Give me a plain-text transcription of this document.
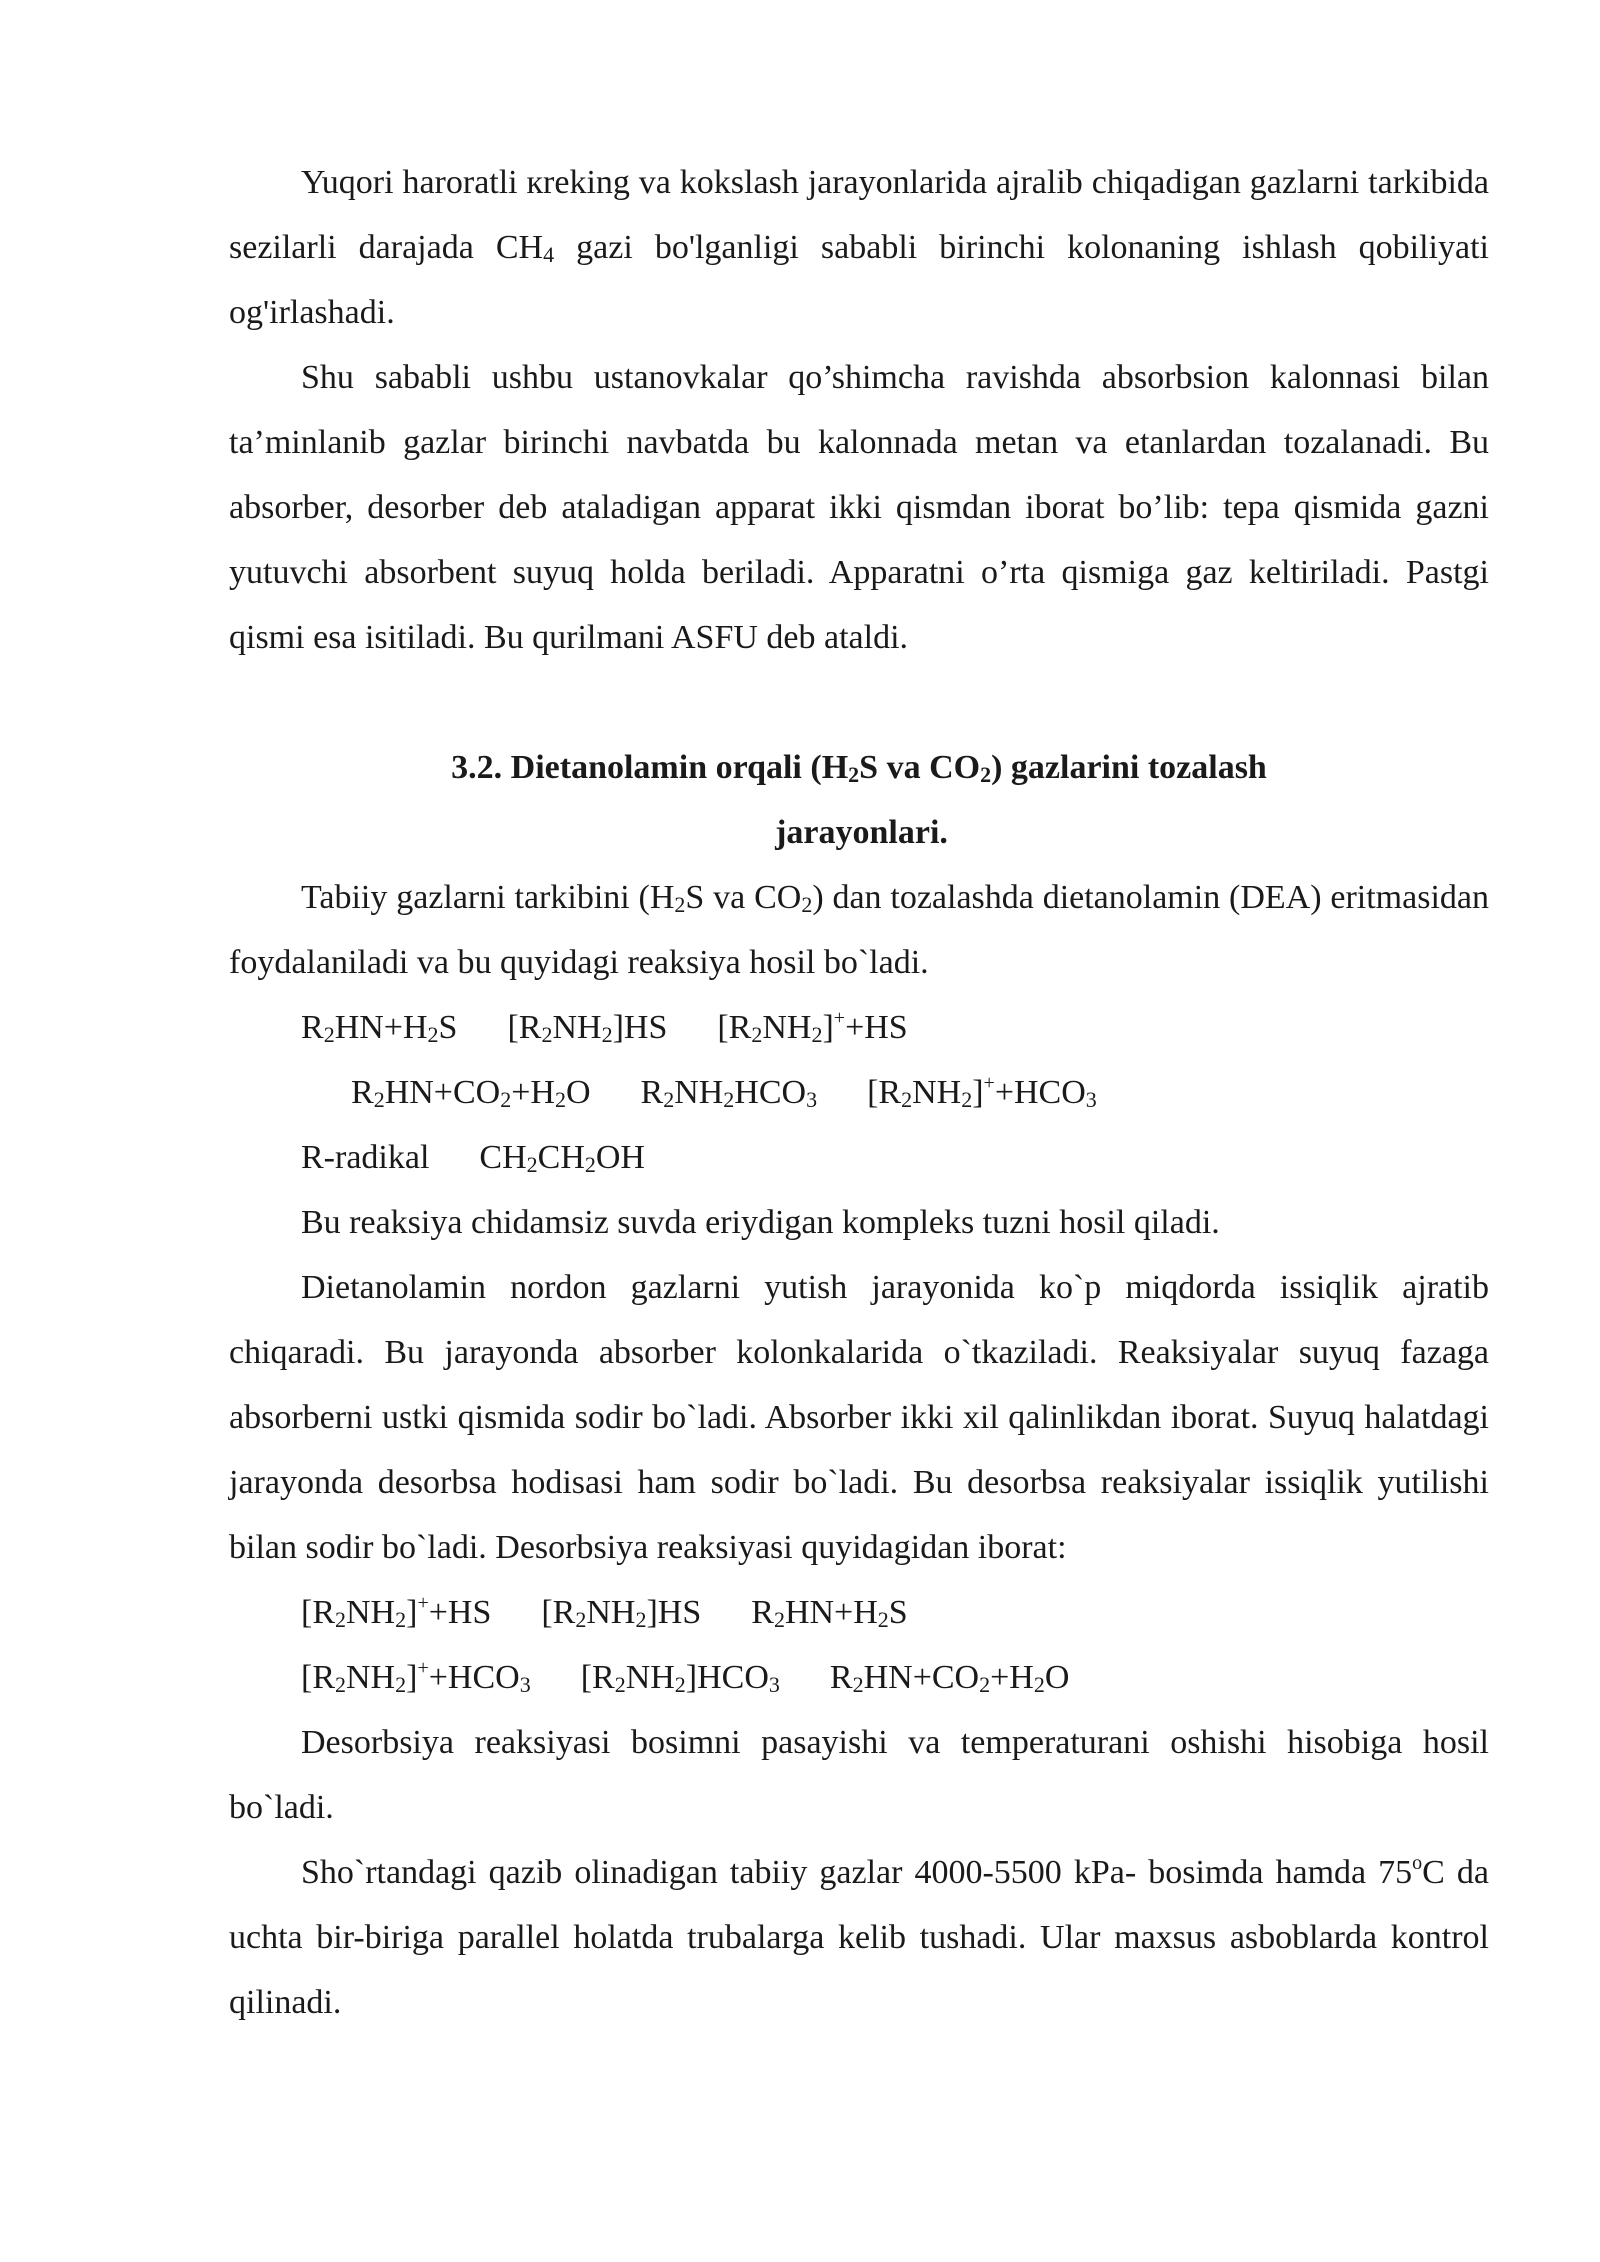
Yuqori haroratli кreking va kokslash jarayonlarida ajralib chiqadigan gazlarni tarkibida sezilarli darajada $CH_4$ gazi bo'lganligi sababli birinchi kolonaning ishlash qobiliyati og'irlashadi.

Shu sababli ushbu ustanovkalar qo’shimcha ravishda absorbsion kalonnasi bilan ta’minlanib gazlar birinchi navbatda bu kalonnada metan va etanlardan tozalanadi. Bu absorber, desorber deb ataladigan apparat ikki qismdan iborat bo’lib: tepa qismida gazni yutuvchi absorbent suyuq holda beriladi. Apparatni o’rta qismiga gaz keltiriladi. Pastgi qismi esa isitiladi. Bu qurilmani ASFU deb ataldi.

3.2. Dietanolamin orqali ($H_2S$ va $CO_2$) gazlarini tozalash
jarayonlari.

Tabiiy gazlarni tarkibini ($H_2S$ va $CO_2$) dan tozalashda dietanolamin (DEA) eritmasidan foydalaniladi va bu quyidagi reaksiya hosil bo`ladi.

$R_2HN+H_2S$ $[R_2NH_2]HS$ $[R_2NH_2]^++HS$

$R_2HN+CO_2+H_2O$ $R_2NH_2HCO_3$ $[R_2NH_2]^++HCO_3$

R-radikal $CH_2CH_2OH$

Bu reaksiya chidamsiz suvda eriydigan kompleks tuzni hosil qiladi.

Dietanolamin nordon gazlarni yutish jarayonida ko`p miqdorda issiqlik ajratib chiqaradi. Bu jarayonda absorber kolonkalarida o`tkaziladi. Reaksiyalar suyuq fazaga absorberni ustki qismida sodir bo`ladi. Absorber ikki xil qalinlikdan iborat. Suyuq halatdagi jarayonda desorbsa hodisasi ham sodir bo`ladi. Bu desorbsa reaksiyalar issiqlik yutilishi bilan sodir bo`ladi. Desorbsiya reaksiyasi quyidagidan iborat:

$[R_2NH_2]^++HS$ $[R_2NH_2]HS$ $R_2HN+H_2S$

$[R_2NH_2]^++HCO_3$ $[R_2NH_2]HCO_3$ $R_2HN+CO_2+H_2O$

Desorbsiya reaksiyasi bosimni pasayishi va temperaturani oshishi hisobiga hosil bo`ladi.

Sho`rtandagi qazib olinadigan tabiiy gazlar 4000-5500 kPa- bosimda hamda 75$^o$C da uchta bir-biriga parallel holatda trubalarga kelib tushadi. Ular maxsus asboblarda kontrol qilinadi.
